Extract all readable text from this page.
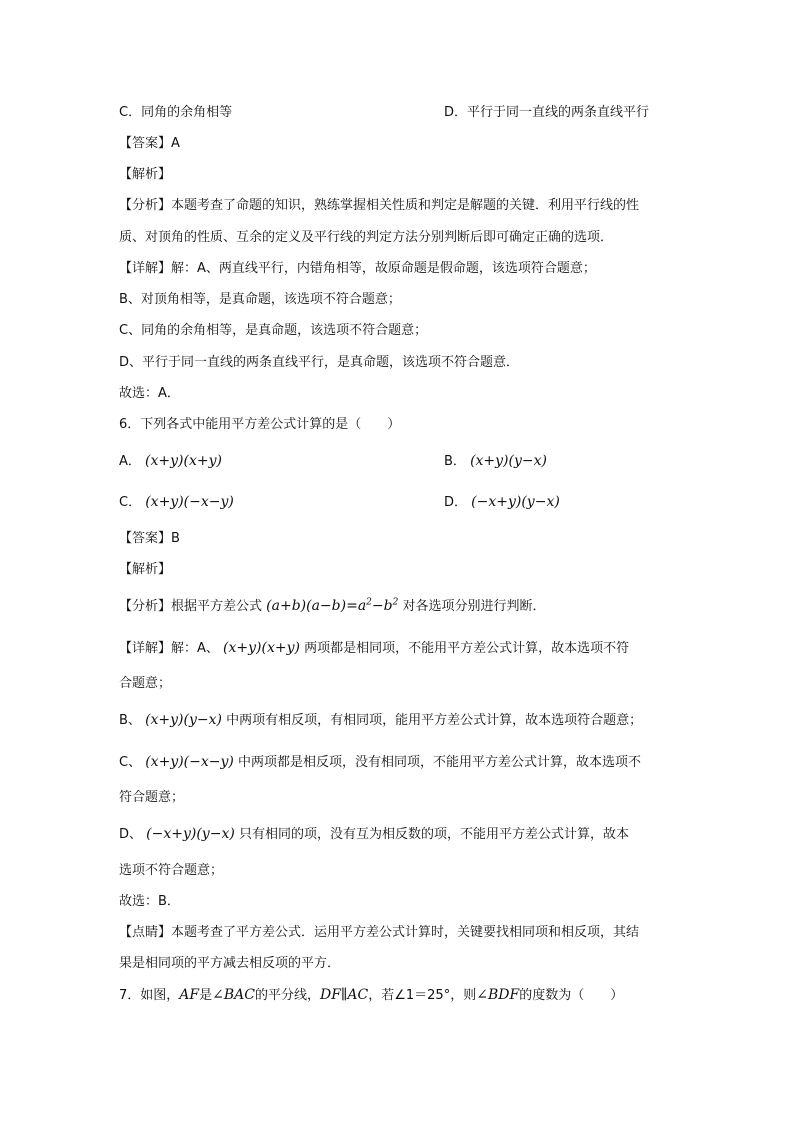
C．同角的余角相等	D．平行于同一直线的两条直线平行
【答案】A
【解析】
【分析】本题考查了命题的知识，熟练掌握相关性质和判定是解题的关键．利用平行线的性
质、对顶角的性质、互余的定义及平行线的判定方法分别判断后即可确定正确的选项．
【详解】解：A、两直线平行，内错角相等，故原命题是假命题，该选项符合题意；
B、对顶角相等，是真命题，该选项不符合题意；
C、同角的余角相等，是真命题，该选项不符合题意；
D、平行于同一直线的两条直线平行，是真命题，该选项不符合题意．
故选：A．
6．下列各式中能用平方差公式计算的是（　　）
A． (x+y)(x+y)	B． (x+y)(y−x)
C． (x+y)(−x−y)	D． (−x+y)(y−x)
【答案】B
【解析】
【分析】根据平方差公式 $(a+b)(a-b)=a^2-b^2$ 对各选项分别进行判断．
【详解】解：A、 (x+y)(x+y) 两项都是相同项，不能用平方差公式计算，故本选项不符
合题意；
B、 (x+y)(y−x) 中两项有相反项，有相同项，能用平方差公式计算，故本选项符合题意；
C、 (x+y)(−x−y) 中两项都是相反项，没有相同项，不能用平方差公式计算，故本选项不
符合题意；
D、 (−x+y)(y−x) 只有相同的项，没有互为相反数的项，不能用平方差公式计算，故本
选项不符合题意；
故选：B．
【点睛】本题考查了平方差公式．运用平方差公式计算时，关键要找相同项和相反项，其结
果是相同项的平方减去相反项的平方．
7．如图，AF是∠BAC的平分线，DF∥AC，若∠1＝25°，则∠BDF的度数为（　　）
